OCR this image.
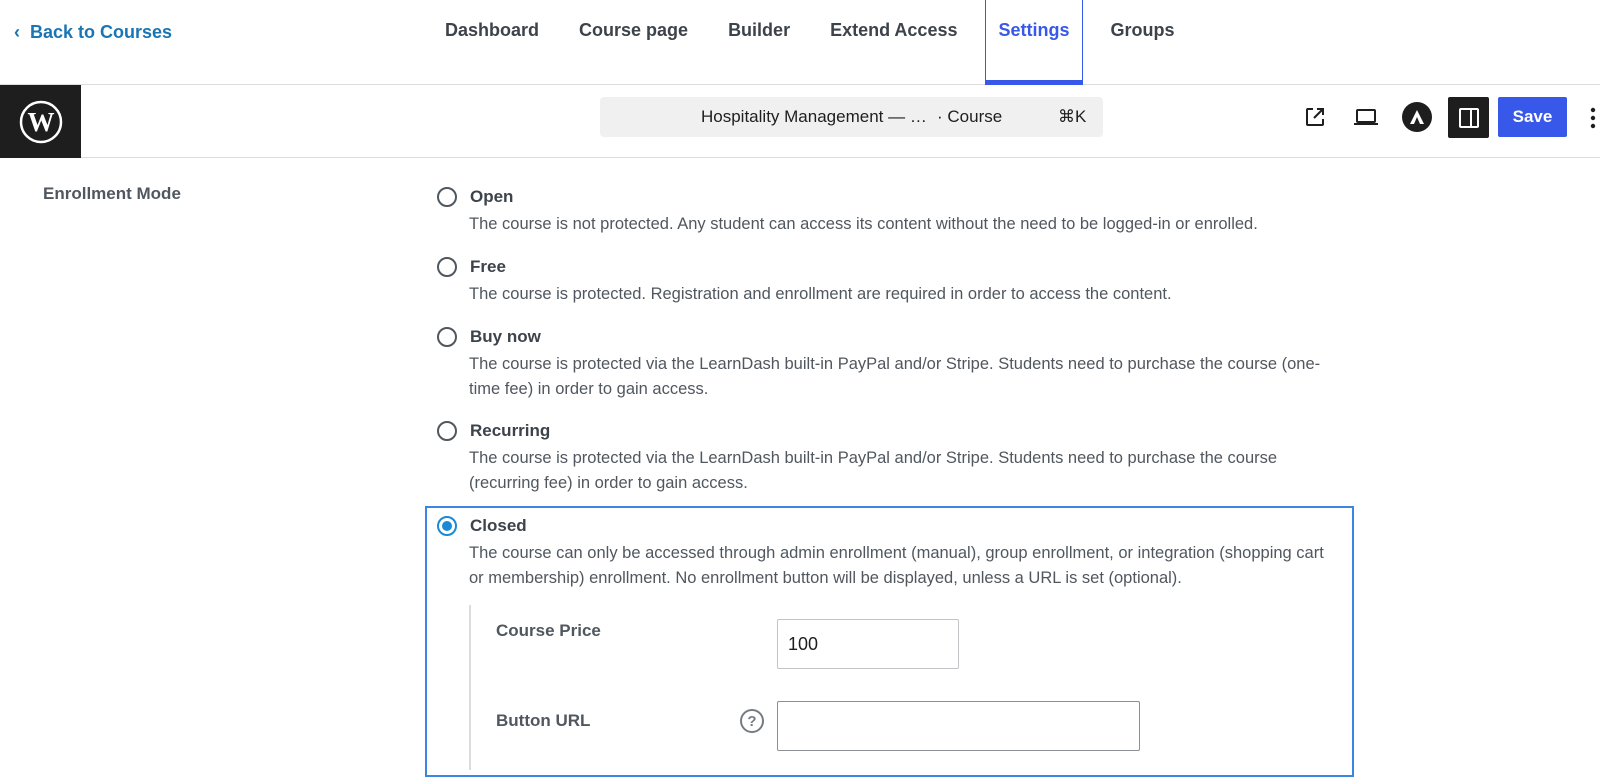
‹ Back to Courses	Dashboard Course page Builder Extend Access	Settings	Groups
W	Hospitality Management — … · Course	⌘K	Save
Enrollment Mode	Open

The course is not protected. Any student can access its content without the need to be logged-in or enrolled.

Free

The course is protected. Registration and enrollment are required in order to access the content.

Buy now

The course is protected via the LearnDash built-in PayPal and/or Stripe. Students need to purchase the course (one-time fee) in order to gain access.

Recurring

The course is protected via the LearnDash built-in PayPal and/or Stripe. Students need to purchase the course (recurring fee) in order to gain access.

Closed

The course can only be accessed through admin enrollment (manual), group enrollment, or integration (shopping cart or membership) enrollment. No enrollment button will be displayed, unless a URL is set (optional).

Course Price
100
Button URL	?
